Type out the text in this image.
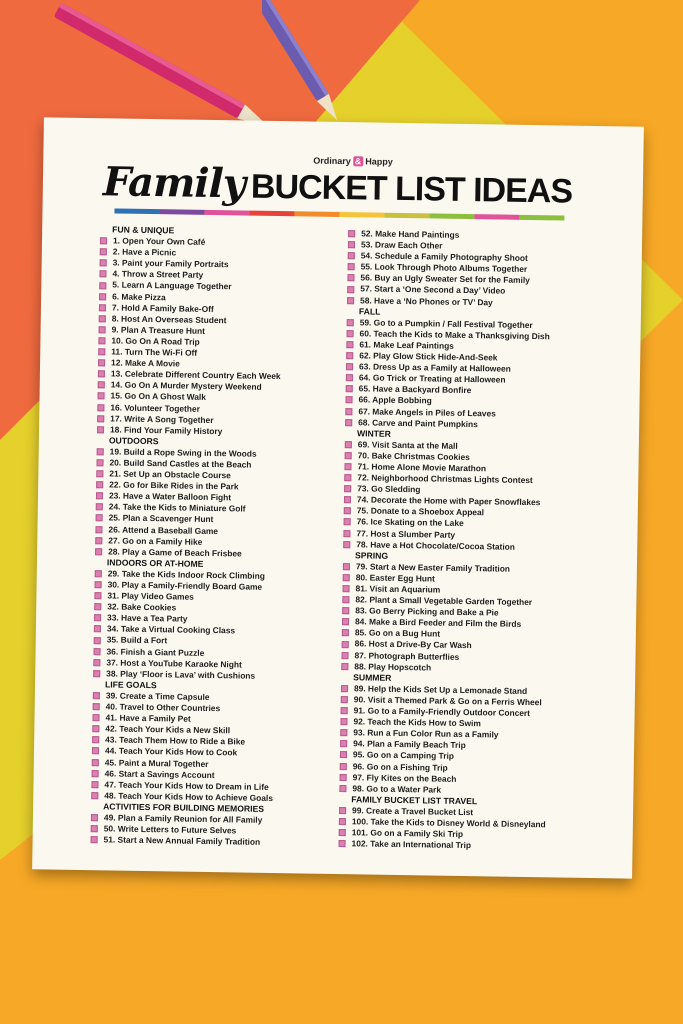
Ordinary & Happy
Family BUCKET LIST IDEAS
FUN & UNIQUE
1. Open Your Own Café
2. Have a Picnic
3. Paint your Family Portraits
4. Throw a Street Party
5. Learn A Language Together
6. Make Pizza
7. Hold A Family Bake-Off
8. Host An Overseas Student
9. Plan A Treasure Hunt
10. Go On A Road Trip
11. Turn The Wi-Fi Off
12. Make A Movie
13. Celebrate Different Country Each Week
14. Go On A Murder Mystery Weekend
15. Go On A Ghost Walk
16. Volunteer Together
17. Write A Song Together
18. Find Your Family History
OUTDOORS
19. Build a Rope Swing in the Woods
20. Build Sand Castles at the Beach
21. Set Up an Obstacle Course
22. Go for Bike Rides in the Park
23. Have a Water Balloon Fight
24. Take the Kids to Miniature Golf
25. Plan a Scavenger Hunt
26. Attend a Baseball Game
27. Go on a Family Hike
28. Play a Game of Beach Frisbee
INDOORS OR AT-HOME
29. Take the Kids Indoor Rock Climbing
30. Play a Family-Friendly Board Game
31. Play Video Games
32. Bake Cookies
33. Have a Tea Party
34. Take a Virtual Cooking Class
35. Build a Fort
36. Finish a Giant Puzzle
37. Host a YouTube Karaoke Night
38. Play ‘Floor is Lava’ with Cushions
LIFE GOALS
39. Create a Time Capsule
40. Travel to Other Countries
41. Have a Family Pet
42. Teach Your Kids a New Skill
43. Teach Them How to Ride a Bike
44. Teach Your Kids How to Cook
45. Paint a Mural Together
46. Start a Savings Account
47. Teach Your Kids How to Dream in Life
48. Teach Your Kids How to Achieve Goals
ACTIVITIES FOR BUILDING MEMORIES
49. Plan a Family Reunion for All Family
50. Write Letters to Future Selves
51. Start a New Annual Family Tradition
52. Make Hand Paintings
53. Draw Each Other
54. Schedule a Family Photography Shoot
55. Look Through Photo Albums Together
56. Buy an Ugly Sweater Set for the Family
57. Start a ‘One Second a Day’ Video
58. Have a ‘No Phones or TV’ Day
FALL
59. Go to a Pumpkin / Fall Festival Together
60. Teach the Kids to Make a Thanksgiving Dish
61. Make Leaf Paintings
62. Play Glow Stick Hide-And-Seek
63. Dress Up as a Family at Halloween
64. Go Trick or Treating at Halloween
65. Have a Backyard Bonfire
66. Apple Bobbing
67. Make Angels in Piles of Leaves
68. Carve and Paint Pumpkins
WINTER
69. Visit Santa at the Mall
70. Bake Christmas Cookies
71. Home Alone Movie Marathon
72. Neighborhood Christmas Lights Contest
73. Go Sledding
74. Decorate the Home with Paper Snowflakes
75. Donate to a Shoebox Appeal
76. Ice Skating on the Lake
77. Host a Slumber Party
78. Have a Hot Chocolate/Cocoa Station
SPRING
79. Start a New Easter Family Tradition
80. Easter Egg Hunt
81. Visit an Aquarium
82. Plant a Small Vegetable Garden Together
83. Go Berry Picking and Bake a Pie
84. Make a Bird Feeder and Film the Birds
85. Go on a Bug Hunt
86. Host a Drive-By Car Wash
87. Photograph Butterflies
88. Play Hopscotch
SUMMER
89. Help the Kids Set Up a Lemonade Stand
90. Visit a Themed Park & Go on a Ferris Wheel
91. Go to a Family-Friendly Outdoor Concert
92. Teach the Kids How to Swim
93. Run a Fun Color Run as a Family
94. Plan a Family Beach Trip
95. Go on a Camping Trip
96. Go on a Fishing Trip
97. Fly Kites on the Beach
98. Go to a Water Park
FAMILY BUCKET LIST TRAVEL
99. Create a Travel Bucket List
100. Take the Kids to Disney World & Disneyland
101. Go on a Family Ski Trip
102. Take an International Trip
